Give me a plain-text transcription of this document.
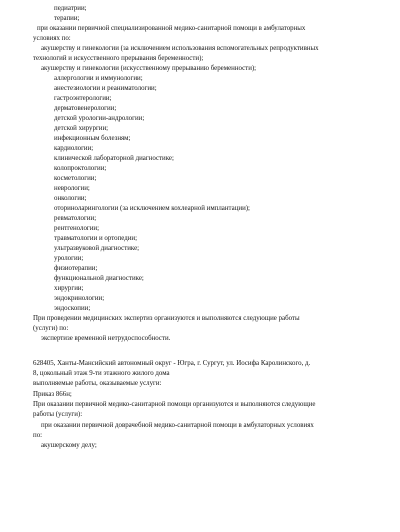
педиатрии;
терапии;
при оказании первичной специализированной медико-санитарной помощи в амбулаторных
условиях по:
акушерству и гинекологии (за исключением использования вспомогательных репродуктивных
технологий и искусственного прерывания беременности);
акушерству и гинекологии (искусственному прерыванию беременности);
аллергологии и иммунологии;
анестезиологии и реаниматологии;
гастроэнтерологии;
дерматовенерологии;
детской урологии-андрологии;
детской хирургии;
инфекционным болезням;
кардиологии;
клинической лабораторной диагностике;
колопроктологии;
косметологии;
неврологии;
онкологии;
оториноларингологии (за исключением кохлеарной имплантации);
ревматологии;
рентгенологии;
травматологии и ортопедии;
ультразвуковой диагностике;
урологии;
физиотерапии;
функциональной диагностике;
хирургии;
эндокринологии;
эндоскопии;
При проведении медицинских экспертиз организуются и выполняются следующие работы
(услуги) по:
экспертизе временной нетрудоспособности.
628405, Ханты-Мансийский автономный округ - Югра, г. Сургут, ул. Иосифа Каролинского, д.
8, цокольный этаж 9-ти этажного жилого дома
выполняемые работы, оказываемые услуги:
Приказ 866н;
При оказании первичной медико-санитарной помощи организуются и выполняются следующие
работы (услуги):
при оказании первичной доврачебной медико-санитарной помощи в амбулаторных условиях
по:
акушерскому делу;
